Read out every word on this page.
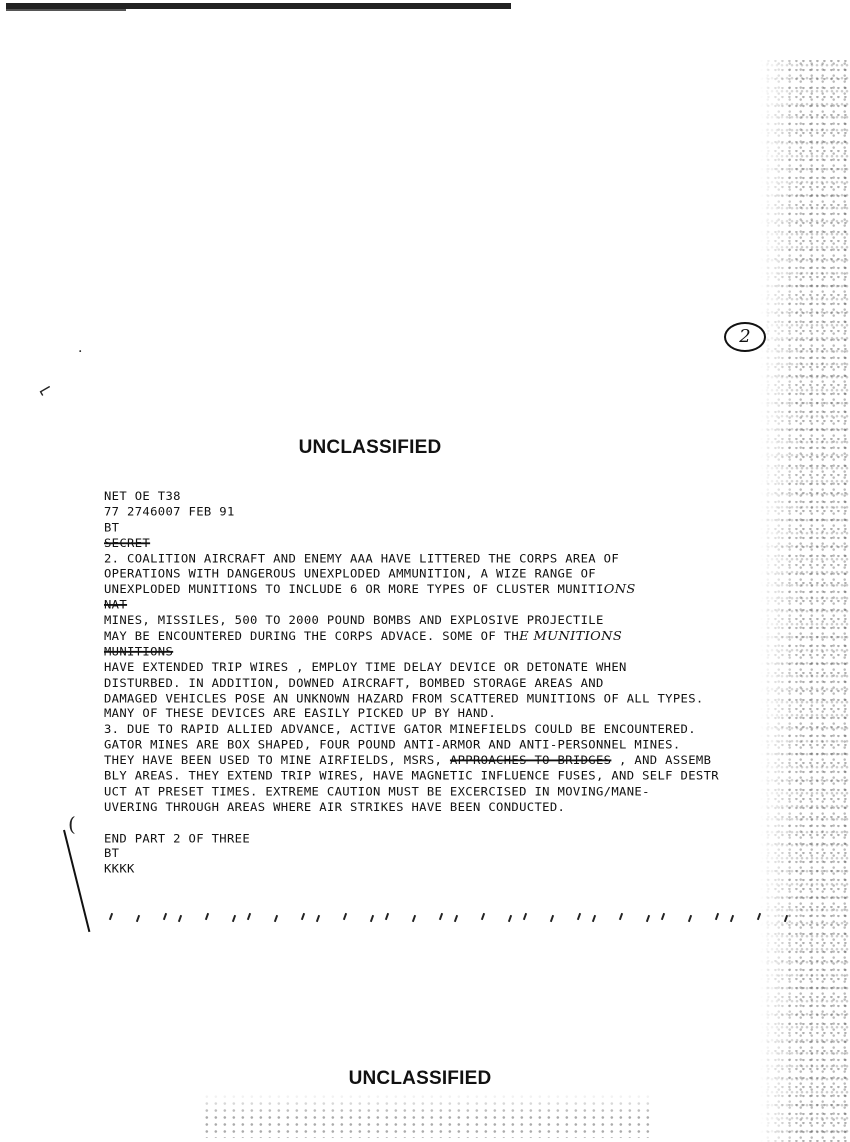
2
·
⌐
(
UNCLASSIFIED
NET OE T38
77 2746007 FEB 91
BT
SECRET
2. COALITION AIRCRAFT AND ENEMY AAA HAVE LITTERED THE CORPS AREA OF
OPERATIONS WITH DANGEROUS UNEXPLODED AMMUNITION, A WIZE RANGE OF
UNEXPLODED MUNITIONS TO INCLUDE 6 OR MORE TYPES OF CLUSTER MUNITIONS
NAT
MINES, MISSILES, 500 TO 2000 POUND BOMBS AND EXPLOSIVE PROJECTILE
MAY BE ENCOUNTERED DURING THE CORPS ADVACE. SOME OF THE MUNITIONS
MUNITIONS
HAVE EXTENDED TRIP WIRES , EMPLOY TIME DELAY DEVICE OR DETONATE WHEN
DISTURBED. IN ADDITION, DOWNED AIRCRAFT, BOMBED STORAGE AREAS AND
DAMAGED VEHICLES POSE AN UNKNOWN HAZARD FROM SCATTERED MUNITIONS OF ALL TYPES.
MANY OF THESE DEVICES ARE EASILY PICKED UP BY HAND.
3. DUE TO RAPID ALLIED ADVANCE, ACTIVE GATOR MINEFIELDS COULD BE ENCOUNTERED.
GATOR MINES ARE BOX SHAPED, FOUR POUND ANTI-ARMOR AND ANTI-PERSONNEL MINES.
THEY HAVE BEEN USED TO MINE AIRFIELDS, MSRS, APPROACHES TO BRIDGES , AND ASSEMB
BLY AREAS. THEY EXTEND TRIP WIRES, HAVE MAGNETIC INFLUENCE FUSES, AND SELF DESTR
UCT AT PRESET TIMES. EXTREME CAUTION MUST BE EXCERCISED IN MOVING/MANE-
UVERING THROUGH AREAS WHERE AIR STRIKES HAVE BEEN CONDUCTED.
END PART 2 OF THREE
BT
KKKK
UNCLASSIFIED
